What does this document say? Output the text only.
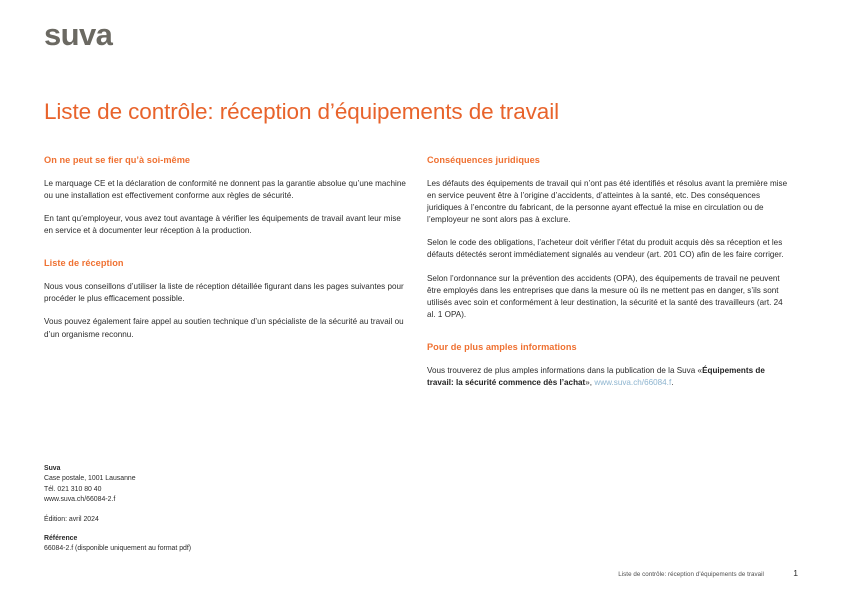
suva
Liste de contrôle: réception d’équipements de travail
On ne peut se fier qu’à soi-même

Le marquage CE et la déclaration de conformité ne donnent pas la garantie absolue qu’une machine ou une installation est effectivement conforme aux règles de sécurité.

En tant qu’employeur, vous avez tout avantage à vérifier les équipements de travail avant leur mise en service et à documenter leur réception à la production.

Liste de réception

Nous vous conseillons d’utiliser la liste de réception détaillée figurant dans les pages suivantes pour procéder le plus efficacement possible.

Vous pouvez également faire appel au soutien technique d’un spécialiste de la sécurité au travail ou d’un organisme reconnu.

Conséquences juridiques

Les défauts des équipements de travail qui n’ont pas été identifiés et résolus avant la première mise en service peuvent être à l’origine d’accidents, d’atteintes à la santé, etc. Des conséquences juridiques à l’encontre du fabricant, de la personne ayant effectué la mise en circulation ou de l’employeur ne sont alors pas à exclure.

Selon le code des obligations, l’acheteur doit vérifier l’état du produit acquis dès sa réception et les défauts détectés seront immédiatement signalés au vendeur (art. 201 CO) afin de les faire corriger.

Selon l’ordonnance sur la prévention des accidents (OPA), des équipements de travail ne peuvent être employés dans les entreprises que dans la mesure où ils ne mettent pas en danger, s’ils sont utilisés avec soin et conformément à leur destination, la sécurité et la santé des travailleurs (art. 24 al. 1 OPA).

Pour de plus amples informations

Vous trouverez de plus amples informations dans la publication de la Suva «Équipements de travail: la sécurité commence dès l’achat», www.suva.ch/66084.f.

Suva
Case postale, 1001 Lausanne
Tél. 021 310 80 40
www.suva.ch/66084-2.f
Édition: avril 2024
Référence
66084-2.f (disponible uniquement au format pdf)
Liste de contrôle: réception d’équipements de travail	1
